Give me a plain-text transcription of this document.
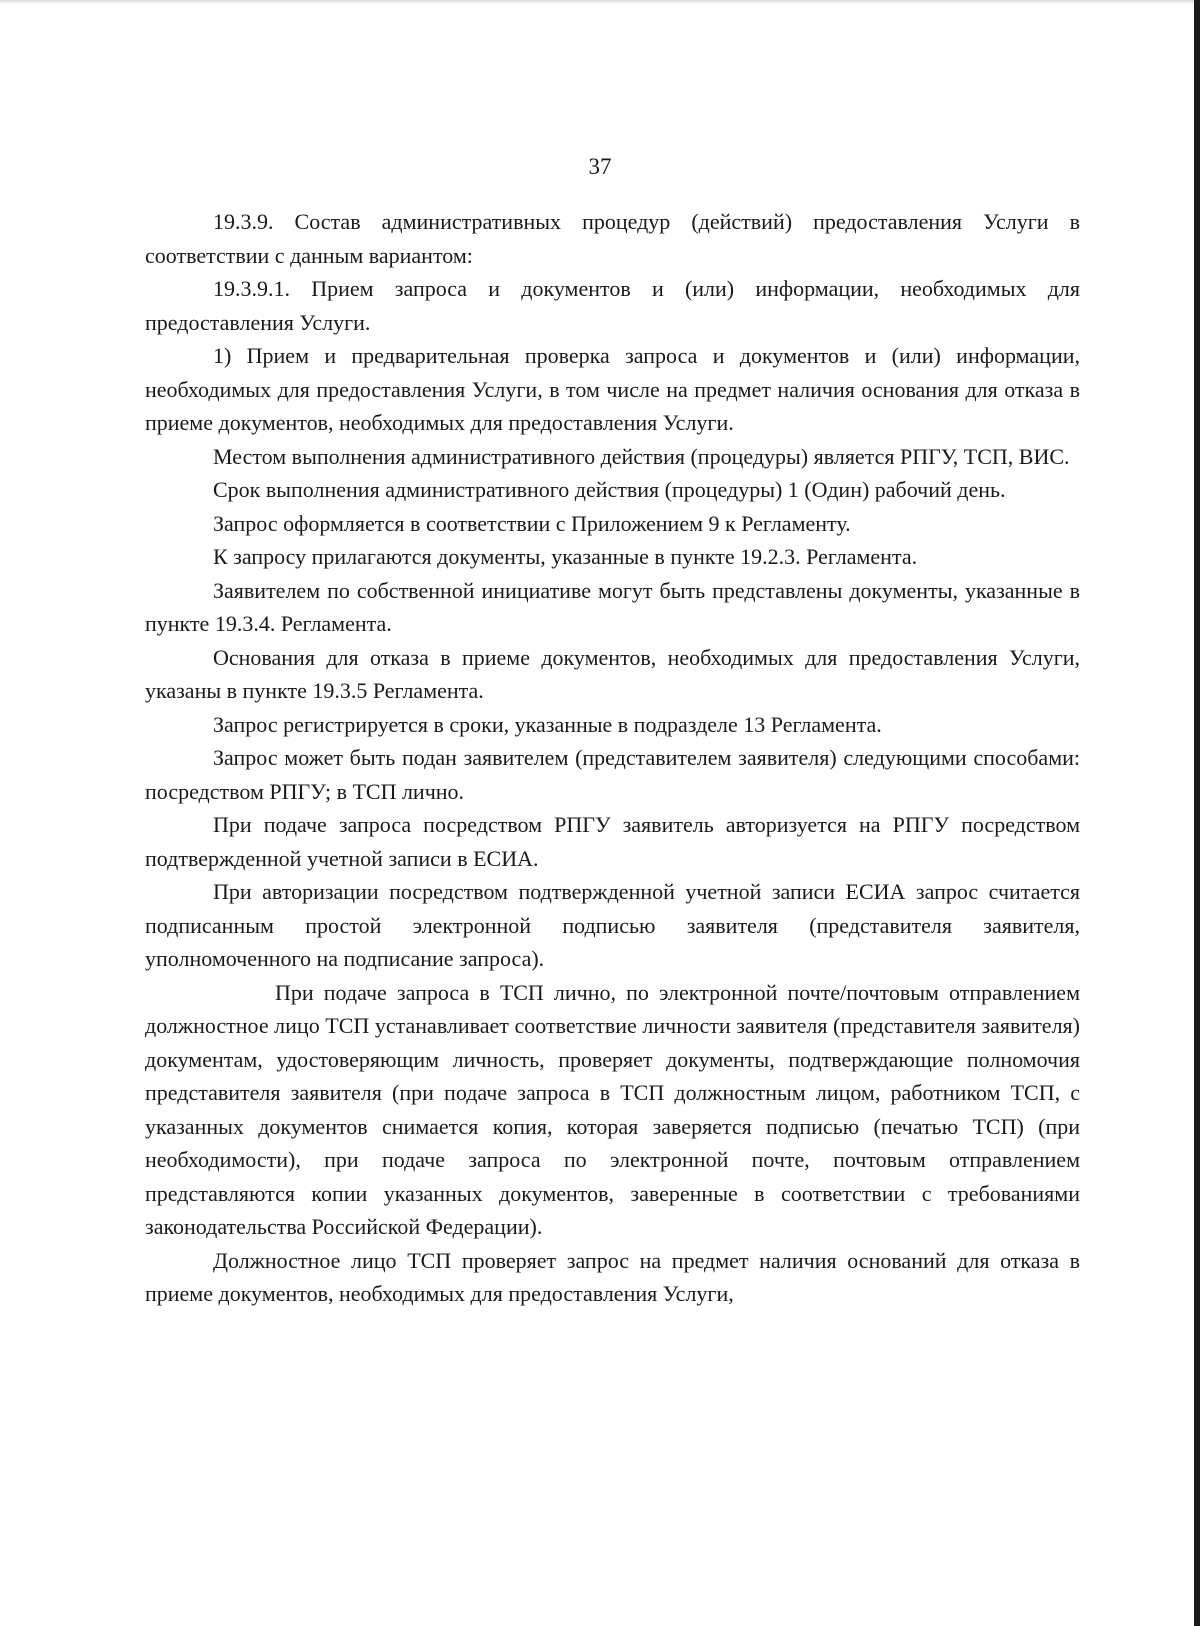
37

19.3.9. Состав административных процедур (действий) предоставления Услуги в соответствии с данным вариантом:

19.3.9.1. Прием запроса и документов и (или) информации, необходимых для предоставления Услуги.

1) Прием и предварительная проверка запроса и документов и (или) информации, необходимых для предоставления Услуги, в том числе на предмет наличия основания для отказа в приеме документов, необходимых для предоставления Услуги.

Местом выполнения административного действия (процедуры) является РПГУ, ТСП, ВИС.

Срок выполнения административного действия (процедуры) 1 (Один) рабочий день.

Запрос оформляется в соответствии с Приложением 9 к Регламенту.

К запросу прилагаются документы, указанные в пункте 19.2.3. Регламента.

Заявителем по собственной инициативе могут быть представлены документы, указанные в пункте 19.3.4. Регламента.

Основания для отказа в приеме документов, необходимых для предоставления Услуги, указаны в пункте 19.3.5 Регламента.

Запрос регистрируется в сроки, указанные в подразделе 13 Регламента.

Запрос может быть подан заявителем (представителем заявителя) следующими способами: посредством РПГУ; в ТСП лично.

При подаче запроса посредством РПГУ заявитель авторизуется на РПГУ посредством подтвержденной учетной записи в ЕСИА.

При авторизации посредством подтвержденной учетной записи ЕСИА запрос считается подписанным простой электронной подписью заявителя (представителя заявителя, уполномоченного на подписание запроса).

При подаче запроса в ТСП лично, по электронной почте/почтовым отправлением должностное лицо ТСП устанавливает соответствие личности заявителя (представителя заявителя) документам, удостоверяющим личность, проверяет документы, подтверждающие полномочия представителя заявителя (при подаче запроса в ТСП должностным лицом, работником ТСП, с указанных документов снимается копия, которая заверяется подписью (печатью ТСП) (при необходимости), при подаче запроса по электронной почте, почтовым отправлением представляются копии указанных документов, заверенные в соответствии с требованиями законодательства Российской Федерации).

Должностное лицо ТСП проверяет запрос на предмет наличия оснований для отказа в приеме документов, необходимых для предоставления Услуги,
